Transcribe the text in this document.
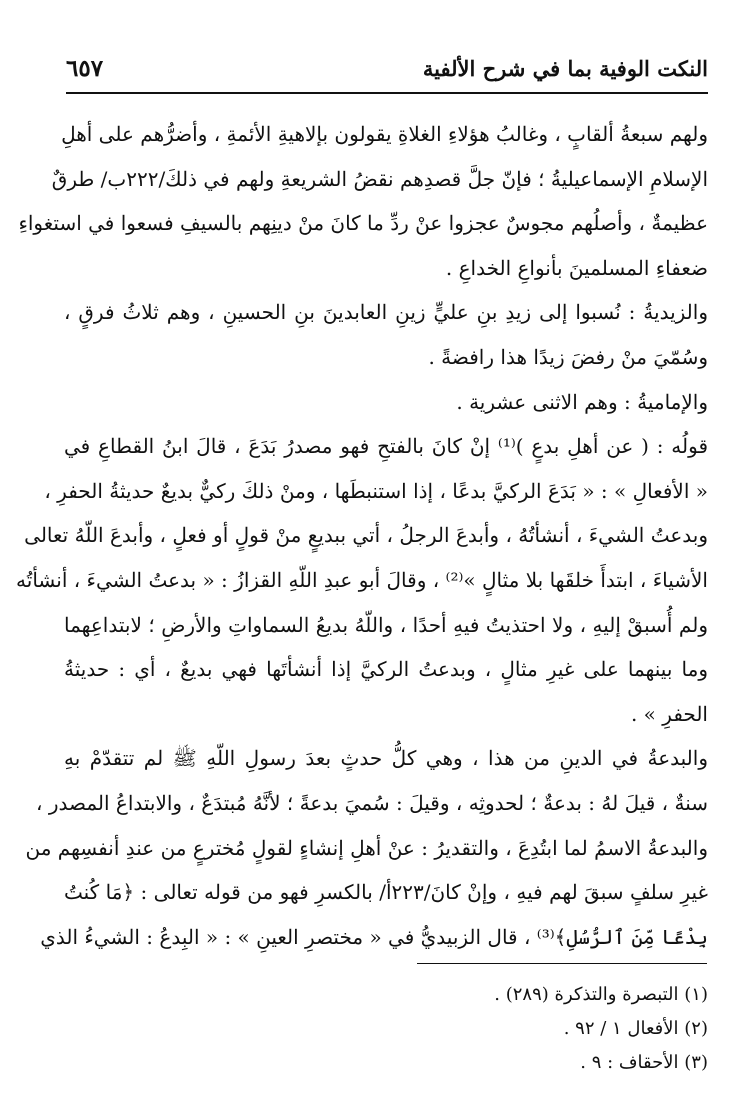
النكت الوفية بما في شرح الألفية
٦٥٧
ولهم سبعةُ ألقابٍ ، وغالبُ هؤلاءِ الغلاةِ يقولون بإلاهيةِ الأئمةِ ، وأضرُّهم على أهلِ
الإسلامِ الإسماعيليةُ ؛ فإنّ جلَّ قصدِهم نقضُ الشريعةِ ولهم في ذلكَ/٢٢٢ب/ طرقٌ
عظيمةٌ ، وأصلُهم مجوسٌ عجزوا عنْ ردِّ ما كانَ منْ دينِهم بالسيفِ فسعوا في استغواءِ
ضعفاءِ المسلمينَ بأنواعِ الخداعِ .
والزيديةُ : نُسبوا إلى زيدِ بنِ عليٍّ زينِ العابدينَ بنِ الحسينِ ، وهم ثلاثُ فرقٍ ،
وسُمّيَ منْ رفضَ زيدًا هذا رافضةً .
والإماميةُ : وهم الاثنى عشرية .
قولُه : ( عن أهلِ بدعٍ )⁽¹⁾ إنْ كانَ بالفتحِ فهو مصدرُ بَدَعَ ، قالَ ابنُ القطاعِ في
« الأفعالِ » : « بَدَعَ الركيَّ بدعًا ، إذا استنبطَها ، ومنْ ذلكَ ركيٌّ بديعٌ حديثةُ الحفرِ ،
وبدعتُ الشيءَ ، أنشأتُهُ ، وأبدعَ الرجلُ ، أتي ببديعٍ منْ قولٍ أو فعلٍ ، وأبدعَ اللّهُ تعالى
الأشياءَ ، ابتدأَ خلقَها بلا مثالٍ »⁽²⁾ ، وقالَ أبو عبدِ اللّهِ القزازُ : « بدعتُ الشيءَ ، أنشأتُه
ولم أُسبقْ إليهِ ، ولا احتذيتُ فيهِ أحدًا ، واللّهُ بديعُ السماواتِ والأرضِ ؛ لابتداعِهما
وما بينهما على غيرِ مثالٍ ، وبدعتُ الركيَّ إذا أنشأتَها فهي بديعٌ ، أي : حديثةُ
الحفرِ » .
والبدعةُ في الدينِ من هذا ، وهي كلُّ حدثٍ بعدَ رسولِ اللّهِ ﷺ لم تتقدّمْ بهِ
سنةٌ ، قيلَ لهُ : بدعةٌ ؛ لحدوثِه ، وقيلَ : سُميَ بدعةً ؛ لأنَّهُ مُبتدَعٌ ، والابتداعُ المصدر ،
والبدعةُ الاسمُ لما ابتُدِعَ ، والتقديرُ : عنْ أهلِ إنشاءٍ لقولٍ مُخترعٍ من عندِ أنفسِهم من
غيرِ سلفٍ سبقَ لهم فيهِ ، وإنْ كانَ/٢٢٣أ/ بالكسرِ فهو من قوله تعالى : ﴿مَا كُنتُ
بِدْعًا مِّنَ ٱلرُّسُلِ﴾⁽³⁾ ، قال الزبيديُّ في « مختصرِ العينِ » : « البِدعُ : الشيءُ الذي
(١) التبصرة والتذكرة (٢٨٩) .
(٢) الأفعال ١ / ٩٢ .
(٣) الأحقاف : ٩ .
